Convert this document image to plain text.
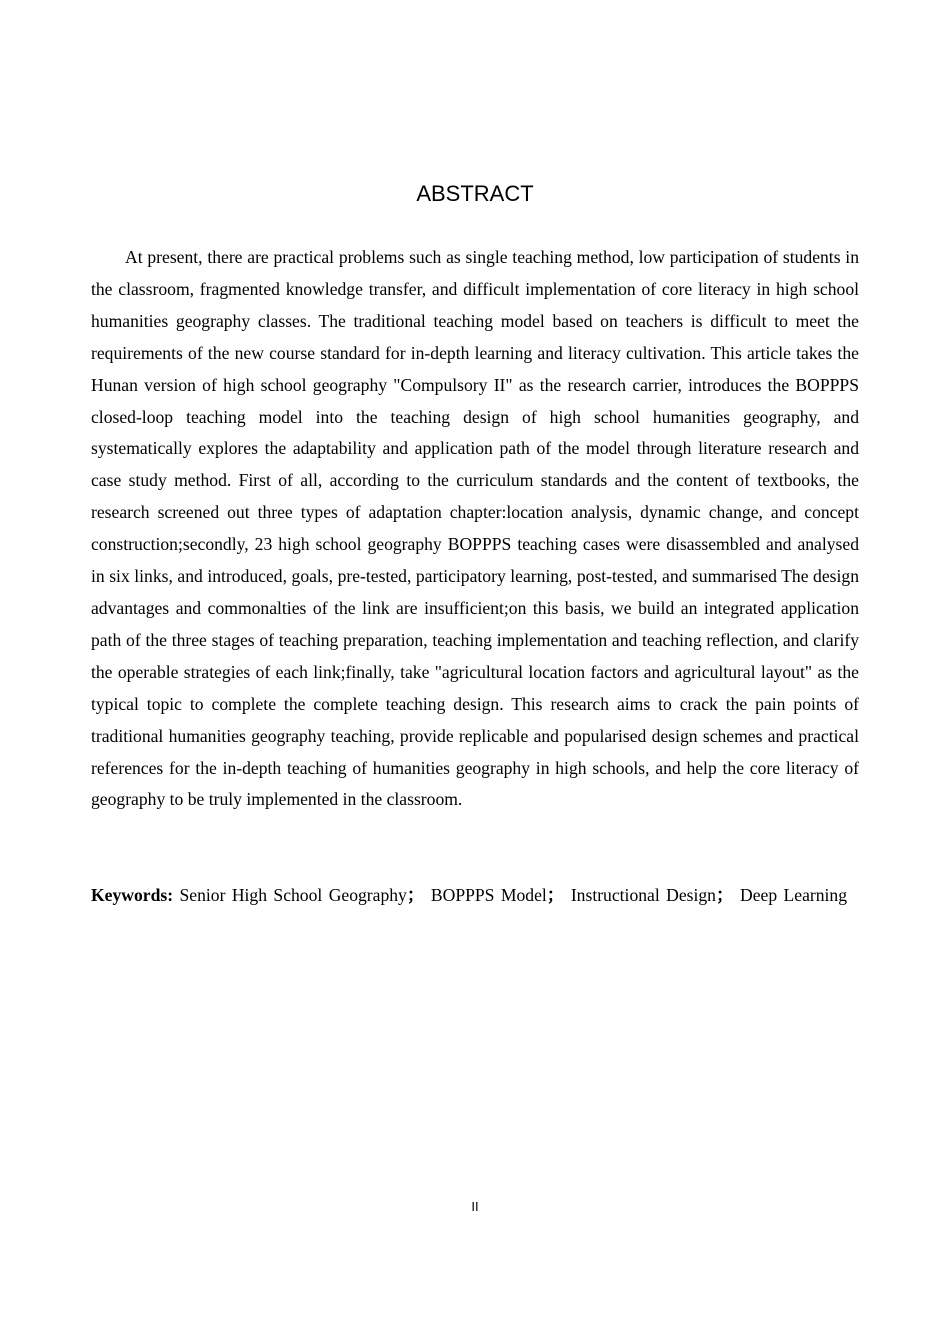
ABSTRACT

At present, there are practical problems such as single teaching method, low participation of students in the classroom, fragmented knowledge transfer, and difficult implementation of core literacy in high school humanities geography classes. The traditional teaching model based on teachers is difficult to meet the requirements of the new course standard for in-depth learning and literacy cultivation. This article takes the Hunan version of high school geography "Compulsory II" as the research carrier, introduces the BOPPPS closed-loop teaching model into the teaching design of high school humanities geography, and systematically explores the adaptability and application path of the model through literature research and case study method. First of all, according to the curriculum standards and the content of textbooks, the research screened out three types of adaptation chapter:location analysis, dynamic change, and concept construction;secondly, 23 high school geography BOPPPS teaching cases were disassembled and analysed in six links, and introduced, goals, pre-tested, participatory learning, post-tested, and summarised The design advantages and commonalties of the link are insufficient;on this basis, we build an integrated application path of the three stages of teaching preparation, teaching implementation and teaching reflection, and clarify the operable strategies of each link;finally, take "agricultural location factors and agricultural layout" as the typical topic to complete the complete teaching design. This research aims to crack the pain points of traditional humanities geography teaching, provide replicable and popularised design schemes and practical references for the in-depth teaching of humanities geography in high schools, and help the core literacy of geography to be truly implemented in the classroom.

Keywords: Senior High School Geography； BOPPPS Model； Instructional Design； Deep Learning

II
